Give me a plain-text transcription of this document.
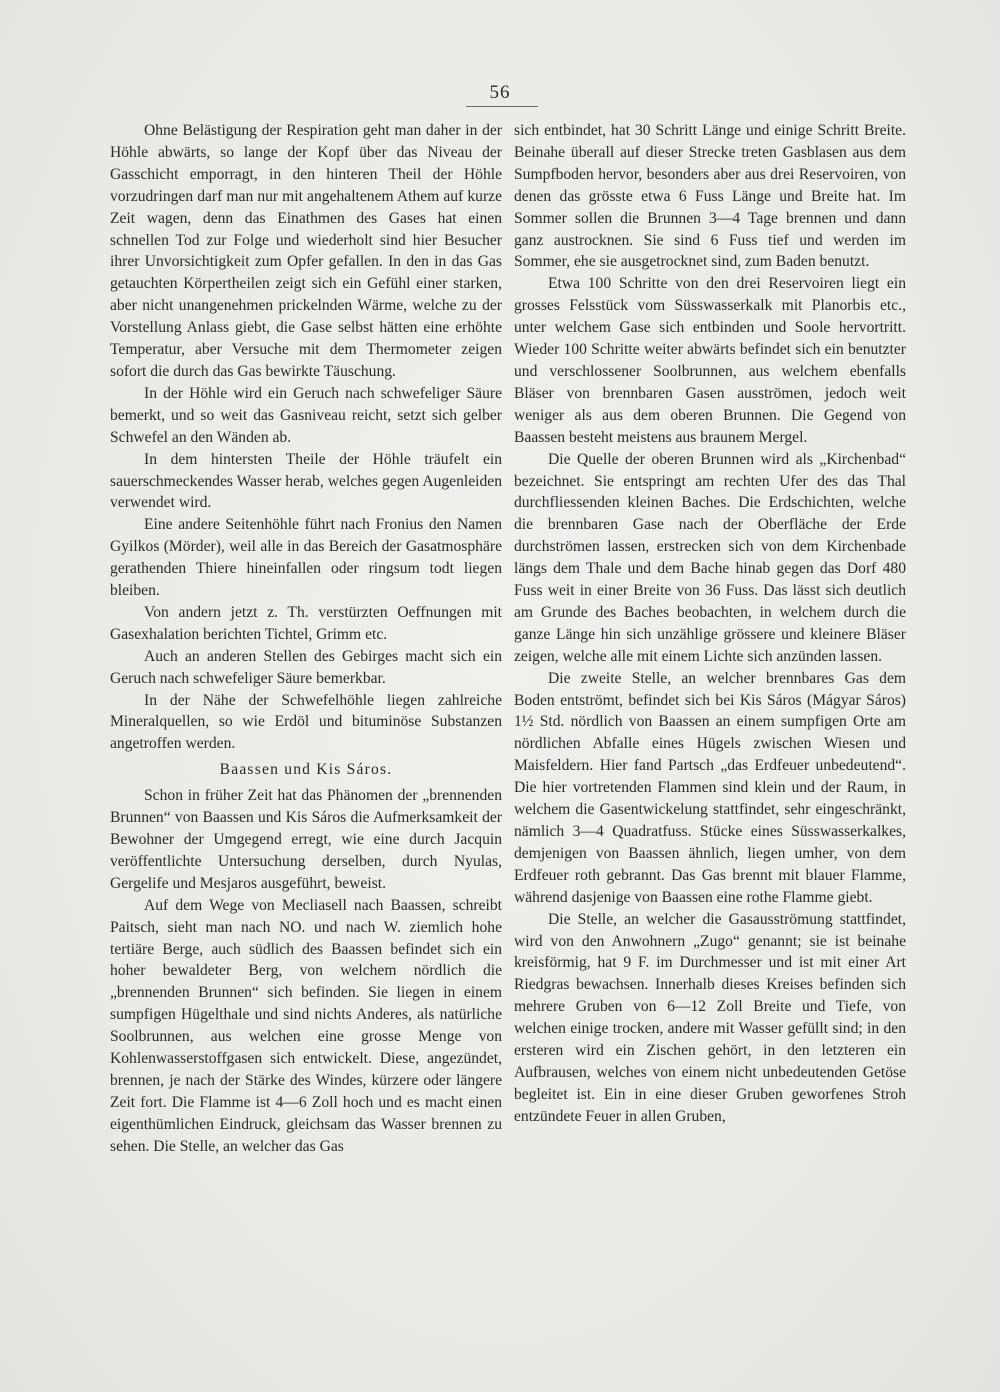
56

Ohne Belästigung der Respiration geht man daher in der Höhle abwärts, so lange der Kopf über das Niveau der Gasschicht emporragt, in den hinteren Theil der Höhle vorzudringen darf man nur mit angehaltenem Athem auf kurze Zeit wagen, denn das Einathmen des Gases hat einen schnellen Tod zur Folge und wiederholt sind hier Besucher ihrer Unvorsichtigkeit zum Opfer gefallen. In den in das Gas getauchten Körpertheilen zeigt sich ein Gefühl einer starken, aber nicht unangenehmen prickelnden Wärme, welche zu der Vorstellung Anlass giebt, die Gase selbst hätten eine erhöhte Temperatur, aber Versuche mit dem Thermometer zeigen sofort die durch das Gas bewirkte Täuschung.

In der Höhle wird ein Geruch nach schwefeliger Säure bemerkt, und so weit das Gasniveau reicht, setzt sich gelber Schwefel an den Wänden ab.

In dem hintersten Theile der Höhle träufelt ein sauerschmeckendes Wasser herab, welches gegen Augenleiden verwendet wird.

Eine andere Seitenhöhle führt nach Fronius den Namen Gyilkos (Mörder), weil alle in das Bereich der Gasatmosphäre gerathenden Thiere hineinfallen oder ringsum todt liegen bleiben.

Von andern jetzt z. Th. verstürzten Oeffnungen mit Gasexhalation berichten Tichtel, Grimm etc.

Auch an anderen Stellen des Gebirges macht sich ein Geruch nach schwefeliger Säure bemerkbar.

In der Nähe der Schwefelhöhle liegen zahlreiche Mineralquellen, so wie Erdöl und bituminöse Substanzen angetroffen werden.

Baassen und Kis Sáros.

Schon in früher Zeit hat das Phänomen der „brennenden Brunnen“ von Baassen und Kis Sáros die Aufmerksamkeit der Bewohner der Umgegend erregt, wie eine durch Jacquin veröffentlichte Untersuchung derselben, durch Nyulas, Gergelife und Mesjaros ausgeführt, beweist.

Auf dem Wege von Mecliasell nach Baassen, schreibt Paitsch, sieht man nach NO. und nach W. ziemlich hohe tertiäre Berge, auch südlich des Baassen befindet sich ein hoher bewaldeter Berg, von welchem nördlich die „brennenden Brunnen“ sich befinden. Sie liegen in einem sumpfigen Hügelthale und sind nichts Anderes, als natürliche Soolbrunnen, aus welchen eine grosse Menge von Kohlenwasserstoffgasen sich entwickelt. Diese, angezündet, brennen, je nach der Stärke des Windes, kürzere oder längere Zeit fort. Die Flamme ist 4—6 Zoll hoch und es macht einen eigenthümlichen Eindruck, gleichsam das Wasser brennen zu sehen. Die Stelle, an welcher das Gas

sich entbindet, hat 30 Schritt Länge und einige Schritt Breite. Beinahe überall auf dieser Strecke treten Gasblasen aus dem Sumpfboden hervor, besonders aber aus drei Reservoiren, von denen das grösste etwa 6 Fuss Länge und Breite hat. Im Sommer sollen die Brunnen 3—4 Tage brennen und dann ganz austrocknen. Sie sind 6 Fuss tief und werden im Sommer, ehe sie ausgetrocknet sind, zum Baden benutzt.

Etwa 100 Schritte von den drei Reservoiren liegt ein grosses Felsstück vom Süsswasserkalk mit Planorbis etc., unter welchem Gase sich entbinden und Soole hervortritt. Wieder 100 Schritte weiter abwärts befindet sich ein benutzter und verschlossener Soolbrunnen, aus welchem ebenfalls Bläser von brennbaren Gasen ausströmen, jedoch weit weniger als aus dem oberen Brunnen. Die Gegend von Baassen besteht meistens aus braunem Mergel.

Die Quelle der oberen Brunnen wird als „Kirchenbad“ bezeichnet. Sie entspringt am rechten Ufer des das Thal durchfliessenden kleinen Baches. Die Erdschichten, welche die brennbaren Gase nach der Oberfläche der Erde durchströmen lassen, erstrecken sich von dem Kirchenbade längs dem Thale und dem Bache hinab gegen das Dorf 480 Fuss weit in einer Breite von 36 Fuss. Das lässt sich deutlich am Grunde des Baches beobachten, in welchem durch die ganze Länge hin sich unzählige grössere und kleinere Bläser zeigen, welche alle mit einem Lichte sich anzünden lassen.

Die zweite Stelle, an welcher brennbares Gas dem Boden entströmt, befindet sich bei Kis Sáros (Mágyar Sáros) 1½ Std. nördlich von Baassen an einem sumpfigen Orte am nördlichen Abfalle eines Hügels zwischen Wiesen und Maisfeldern. Hier fand Partsch „das Erdfeuer unbedeutend“. Die hier vortretenden Flammen sind klein und der Raum, in welchem die Gasentwickelung stattfindet, sehr eingeschränkt, nämlich 3—4 Quadratfuss. Stücke eines Süsswasserkalkes, demjenigen von Baassen ähnlich, liegen umher, von dem Erdfeuer roth gebrannt. Das Gas brennt mit blauer Flamme, während dasjenige von Baassen eine rothe Flamme giebt.

Die Stelle, an welcher die Gasausströmung stattfindet, wird von den Anwohnern „Zugo“ genannt; sie ist beinahe kreisförmig, hat 9 F. im Durchmesser und ist mit einer Art Riedgras bewachsen. Innerhalb dieses Kreises befinden sich mehrere Gruben von 6—12 Zoll Breite und Tiefe, von welchen einige trocken, andere mit Wasser gefüllt sind; in den ersteren wird ein Zischen gehört, in den letzteren ein Aufbrausen, welches von einem nicht unbedeutenden Getöse begleitet ist. Ein in eine dieser Gruben geworfenes Stroh entzündete Feuer in allen Gruben,
